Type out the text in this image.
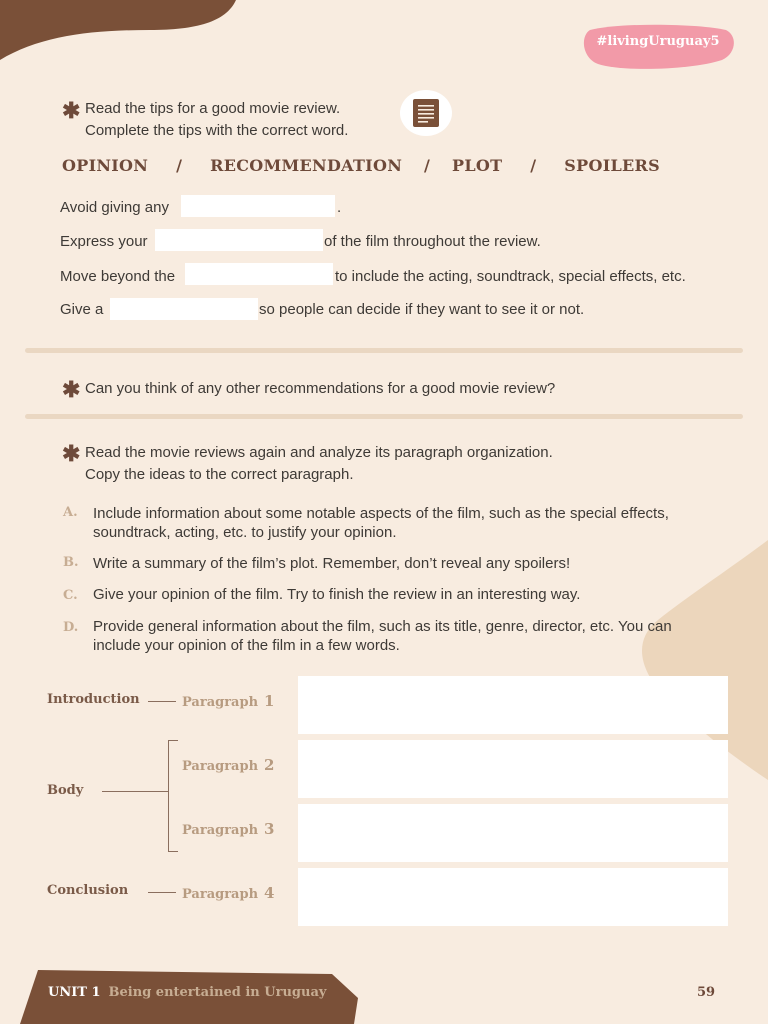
#livingUruguay5
✱ Read the tips for a good movie review.
Complete the tips with the correct word.
OPINION / RECOMMENDATION / PLOT / SPOILERS
Avoid giving any	.
Express your	of the film throughout the review.
Move beyond the	to include the acting, soundtrack, special effects, etc.
Give a	so people can decide if they want to see it or not.
✱ Can you think of any other recommendations for a good movie review?
✱ Read the movie reviews again and analyze its paragraph organization.
Copy the ideas to the correct paragraph.
A. Include information about some notable aspects of the film, such as the special effects, soundtrack, acting, etc. to justify your opinion.
B. Write a summary of the film’s plot. Remember, don’t reveal any spoilers!
C. Give your opinion of the film. Try to finish the review in an interesting way.
D. Provide general information about the film, such as its title, genre, director, etc. You can include your opinion of the film in a few words.
Introduction	Paragraph 1
Body
Paragraph 2
Paragraph 3
Conclusion	Paragraph 4
UNIT 1 Being entertained in Uruguay	59
